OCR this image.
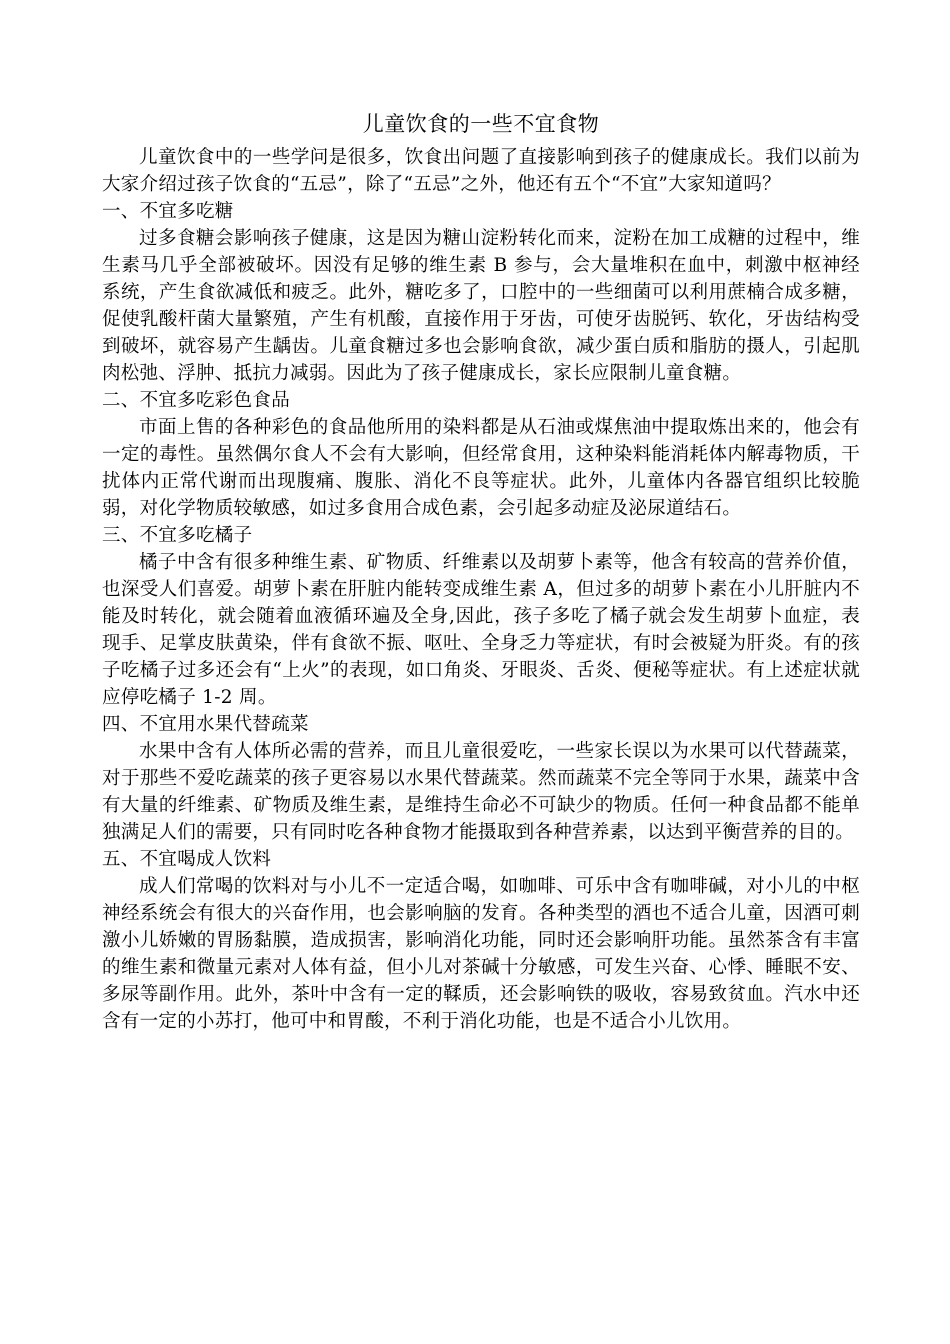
儿童饮食的一些不宜食物

儿童饮食中的一些学问是很多，饮食出问题了直接影响到孩子的健康成长。我们以前为大家介绍过孩子饮食的“五忌”，除了“五忌”之外，他还有五个“不宜”大家知道吗？

一、不宜多吃糖

过多食糖会影响孩子健康，这是因为糖山淀粉转化而来，淀粉在加工成糖的过程中，维生素马几乎全部被破坏。因没有足够的维生素 B 参与，会大量堆积在血中，刺激中枢神经系统，产生食欲减低和疲乏。此外，糖吃多了，口腔中的一些细菌可以利用蔗楠合成多糖，促使乳酸杆菌大量繁殖，产生有机酸，直接作用于牙齿，可使牙齿脱钙、软化，牙齿结构受到破坏，就容易产生龋齿。儿童食糖过多也会影响食欲，减少蛋白质和脂肪的摄人，引起肌肉松弛、浮肿、抵抗力减弱。因此为了孩子健康成长，家长应限制儿童食糖。

二、不宜多吃彩色食品

市面上售的各种彩色的食品他所用的染料都是从石油或煤焦油中提取炼出来的，他会有一定的毒性。虽然偶尔食人不会有大影响，但经常食用，这种染料能消耗体内解毒物质，干扰体内正常代谢而出现腹痛、腹胀、消化不良等症状。此外，儿童体内各器官组织比较脆弱，对化学物质较敏感，如过多食用合成色素，会引起多动症及泌尿道结石。

三、不宜多吃橘子

橘子中含有很多种维生素、矿物质、纤维素以及胡萝卜素等，他含有较高的营养价值，也深受人们喜爱。胡萝卜素在肝脏内能转变成维生素 A，但过多的胡萝卜素在小儿肝脏内不能及时转化，就会随着血液循环遍及全身,因此，孩子多吃了橘子就会发生胡萝卜血症，表现手、足掌皮肤黄染，伴有食欲不振、呕吐、全身乏力等症状，有时会被疑为肝炎。有的孩子吃橘子过多还会有“上火”的表现，如口角炎、牙眼炎、舌炎、便秘等症状。有上述症状就应停吃橘子 1-2 周。

四、不宜用水果代替疏菜

水果中含有人体所必需的营养，而且儿童很爱吃，一些家长误以为水果可以代替蔬菜，对于那些不爱吃蔬菜的孩子更容易以水果代替蔬菜。然而蔬菜不完全等同于水果，蔬菜中含有大量的纤维素、矿物质及维生素，是维持生命必不可缺少的物质。任何一种食品都不能单独满足人们的需要，只有同时吃各种食物才能摄取到各种营养素，以达到平衡营养的目的。

五、不宜喝成人饮料

成人们常喝的饮料对与小儿不一定适合喝，如咖啡、可乐中含有咖啡碱，对小儿的中枢神经系统会有很大的兴奋作用，也会影响脑的发育。各种类型的酒也不适合儿童，因酒可刺激小儿娇嫩的胃肠黏膜，造成损害，影响消化功能，同时还会影响肝功能。虽然茶含有丰富的维生素和微量元素对人体有益，但小儿对茶碱十分敏感，可发生兴奋、心悸、睡眠不安、多尿等副作用。此外，茶叶中含有一定的鞣质，还会影响铁的吸收，容易致贫血。汽水中还含有一定的小苏打，他可中和胃酸，不利于消化功能，也是不适合小儿饮用。
